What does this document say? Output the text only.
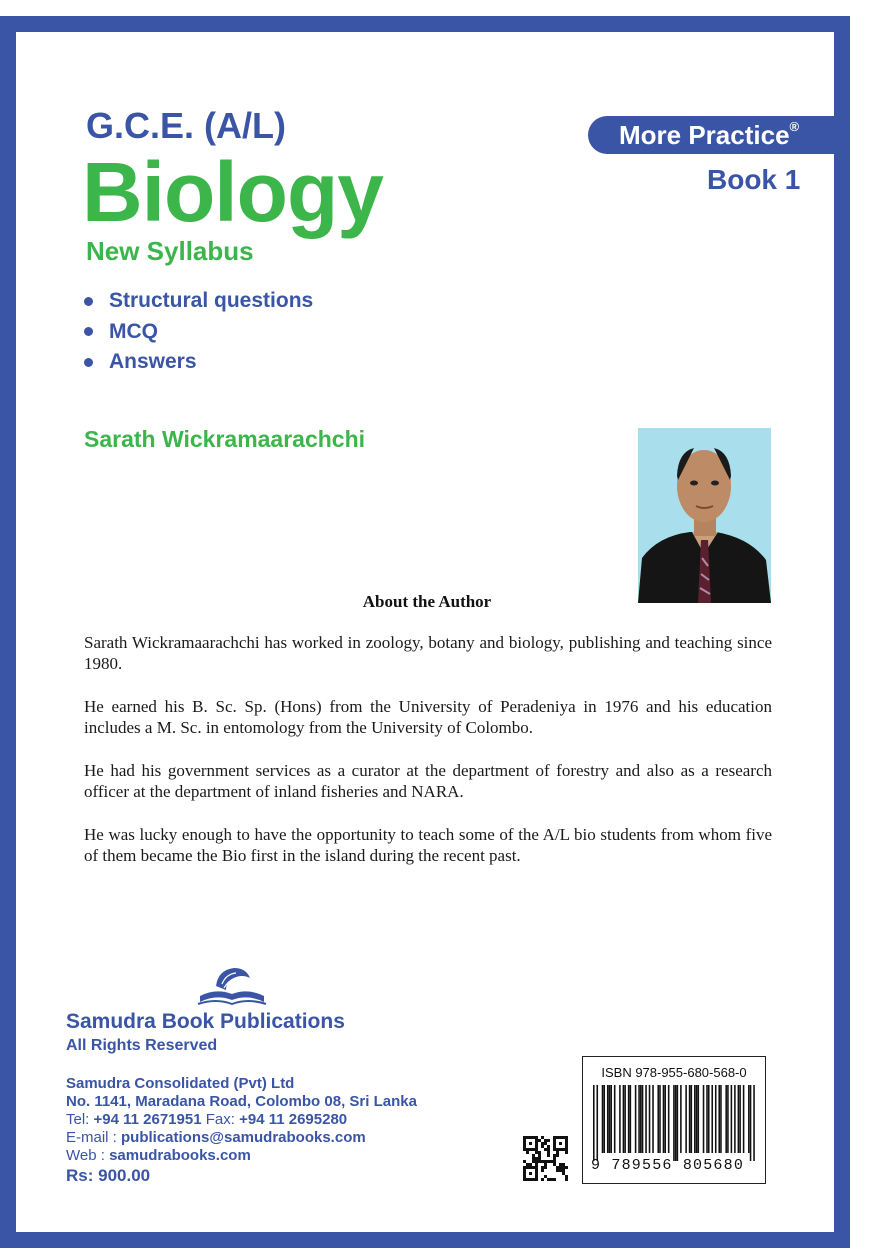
G.C.E. (A/L)
Biology
New Syllabus
Structural questions
MCQ
Answers
More Practice®
Book 1
Sarath Wickramaarachchi
About the Author

Sarath Wickramaarachchi has worked in zoology, botany and biology, publishing and teaching since 1980.

He earned his B. Sc. Sp. (Hons) from the University of Peradeniya in 1976 and his education includes a M. Sc. in entomology from the University of Colombo.

He had his government services as a curator at the department of forestry and also as a research officer at the department of inland fisheries and NARA.

He was lucky enough to have the opportunity to teach some of the A/L bio students from whom five of them became the Bio first in the island during the recent past.

Samudra Book Publications
All Rights Reserved
Samudra Consolidated (Pvt) Ltd
No. 1141, Maradana Road, Colombo 08, Sri Lanka
Tel: +94 11 2671951 Fax: +94 11 2695280
E-mail : publications@samudrabooks.com
Web : samudrabooks.com
Rs: 900.00
ISBN 978-955-680-568-0
9 789556 805680
